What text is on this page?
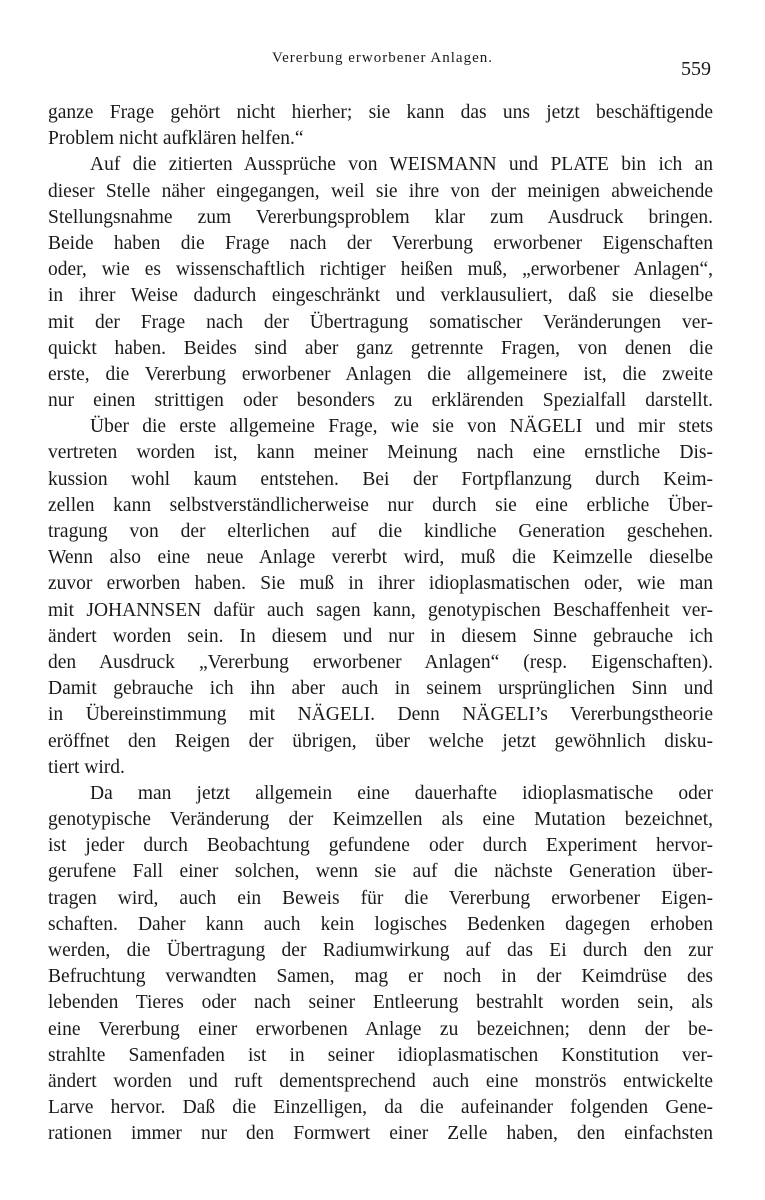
Vererbung erworbener Anlagen.	559
ganze Frage gehört nicht hierher; sie kann das uns jetzt beschäftigende
Problem nicht aufklären helfen.“
Auf die zitierten Aussprüche von WEISMANN und PLATE bin ich an
dieser Stelle näher eingegangen, weil sie ihre von der meinigen abweichende
Stellungsnahme zum Vererbungsproblem klar zum Ausdruck bringen.
Beide haben die Frage nach der Vererbung erworbener Eigenschaften
oder, wie es wissenschaftlich richtiger heißen muß, „erworbener Anlagen“,
in ihrer Weise dadurch eingeschränkt und verklausuliert, daß sie dieselbe
mit der Frage nach der Übertragung somatischer Veränderungen ver-
quickt haben. Beides sind aber ganz getrennte Fragen, von denen die
erste, die Vererbung erworbener Anlagen die allgemeinere ist, die zweite
nur einen strittigen oder besonders zu erklärenden Spezialfall darstellt.
Über die erste allgemeine Frage, wie sie von NÄGELI und mir stets
vertreten worden ist, kann meiner Meinung nach eine ernstliche Dis-
kussion wohl kaum entstehen. Bei der Fortpflanzung durch Keim-
zellen kann selbstverständlicherweise nur durch sie eine erbliche Über-
tragung von der elterlichen auf die kindliche Generation geschehen.
Wenn also eine neue Anlage vererbt wird, muß die Keimzelle dieselbe
zuvor erworben haben. Sie muß in ihrer idioplasmatischen oder, wie man
mit JOHANNSEN dafür auch sagen kann, genotypischen Beschaffenheit ver-
ändert worden sein. In diesem und nur in diesem Sinne gebrauche ich
den Ausdruck „Vererbung erworbener Anlagen“ (resp. Eigenschaften).
Damit gebrauche ich ihn aber auch in seinem ursprünglichen Sinn und
in Übereinstimmung mit NÄGELI. Denn NÄGELI’s Vererbungstheorie
eröffnet den Reigen der übrigen, über welche jetzt gewöhnlich disku-
tiert wird.
Da man jetzt allgemein eine dauerhafte idioplasmatische oder
genotypische Veränderung der Keimzellen als eine Mutation bezeichnet,
ist jeder durch Beobachtung gefundene oder durch Experiment hervor-
gerufene Fall einer solchen, wenn sie auf die nächste Generation über-
tragen wird, auch ein Beweis für die Vererbung erworbener Eigen-
schaften. Daher kann auch kein logisches Bedenken dagegen erhoben
werden, die Übertragung der Radiumwirkung auf das Ei durch den zur
Befruchtung verwandten Samen, mag er noch in der Keimdrüse des
lebenden Tieres oder nach seiner Entleerung bestrahlt worden sein, als
eine Vererbung einer erworbenen Anlage zu bezeichnen; denn der be-
strahlte Samenfaden ist in seiner idioplasmatischen Konstitution ver-
ändert worden und ruft dementsprechend auch eine monströs entwickelte
Larve hervor. Daß die Einzelligen, da die aufeinander folgenden Gene-
rationen immer nur den Formwert einer Zelle haben, den einfachsten
